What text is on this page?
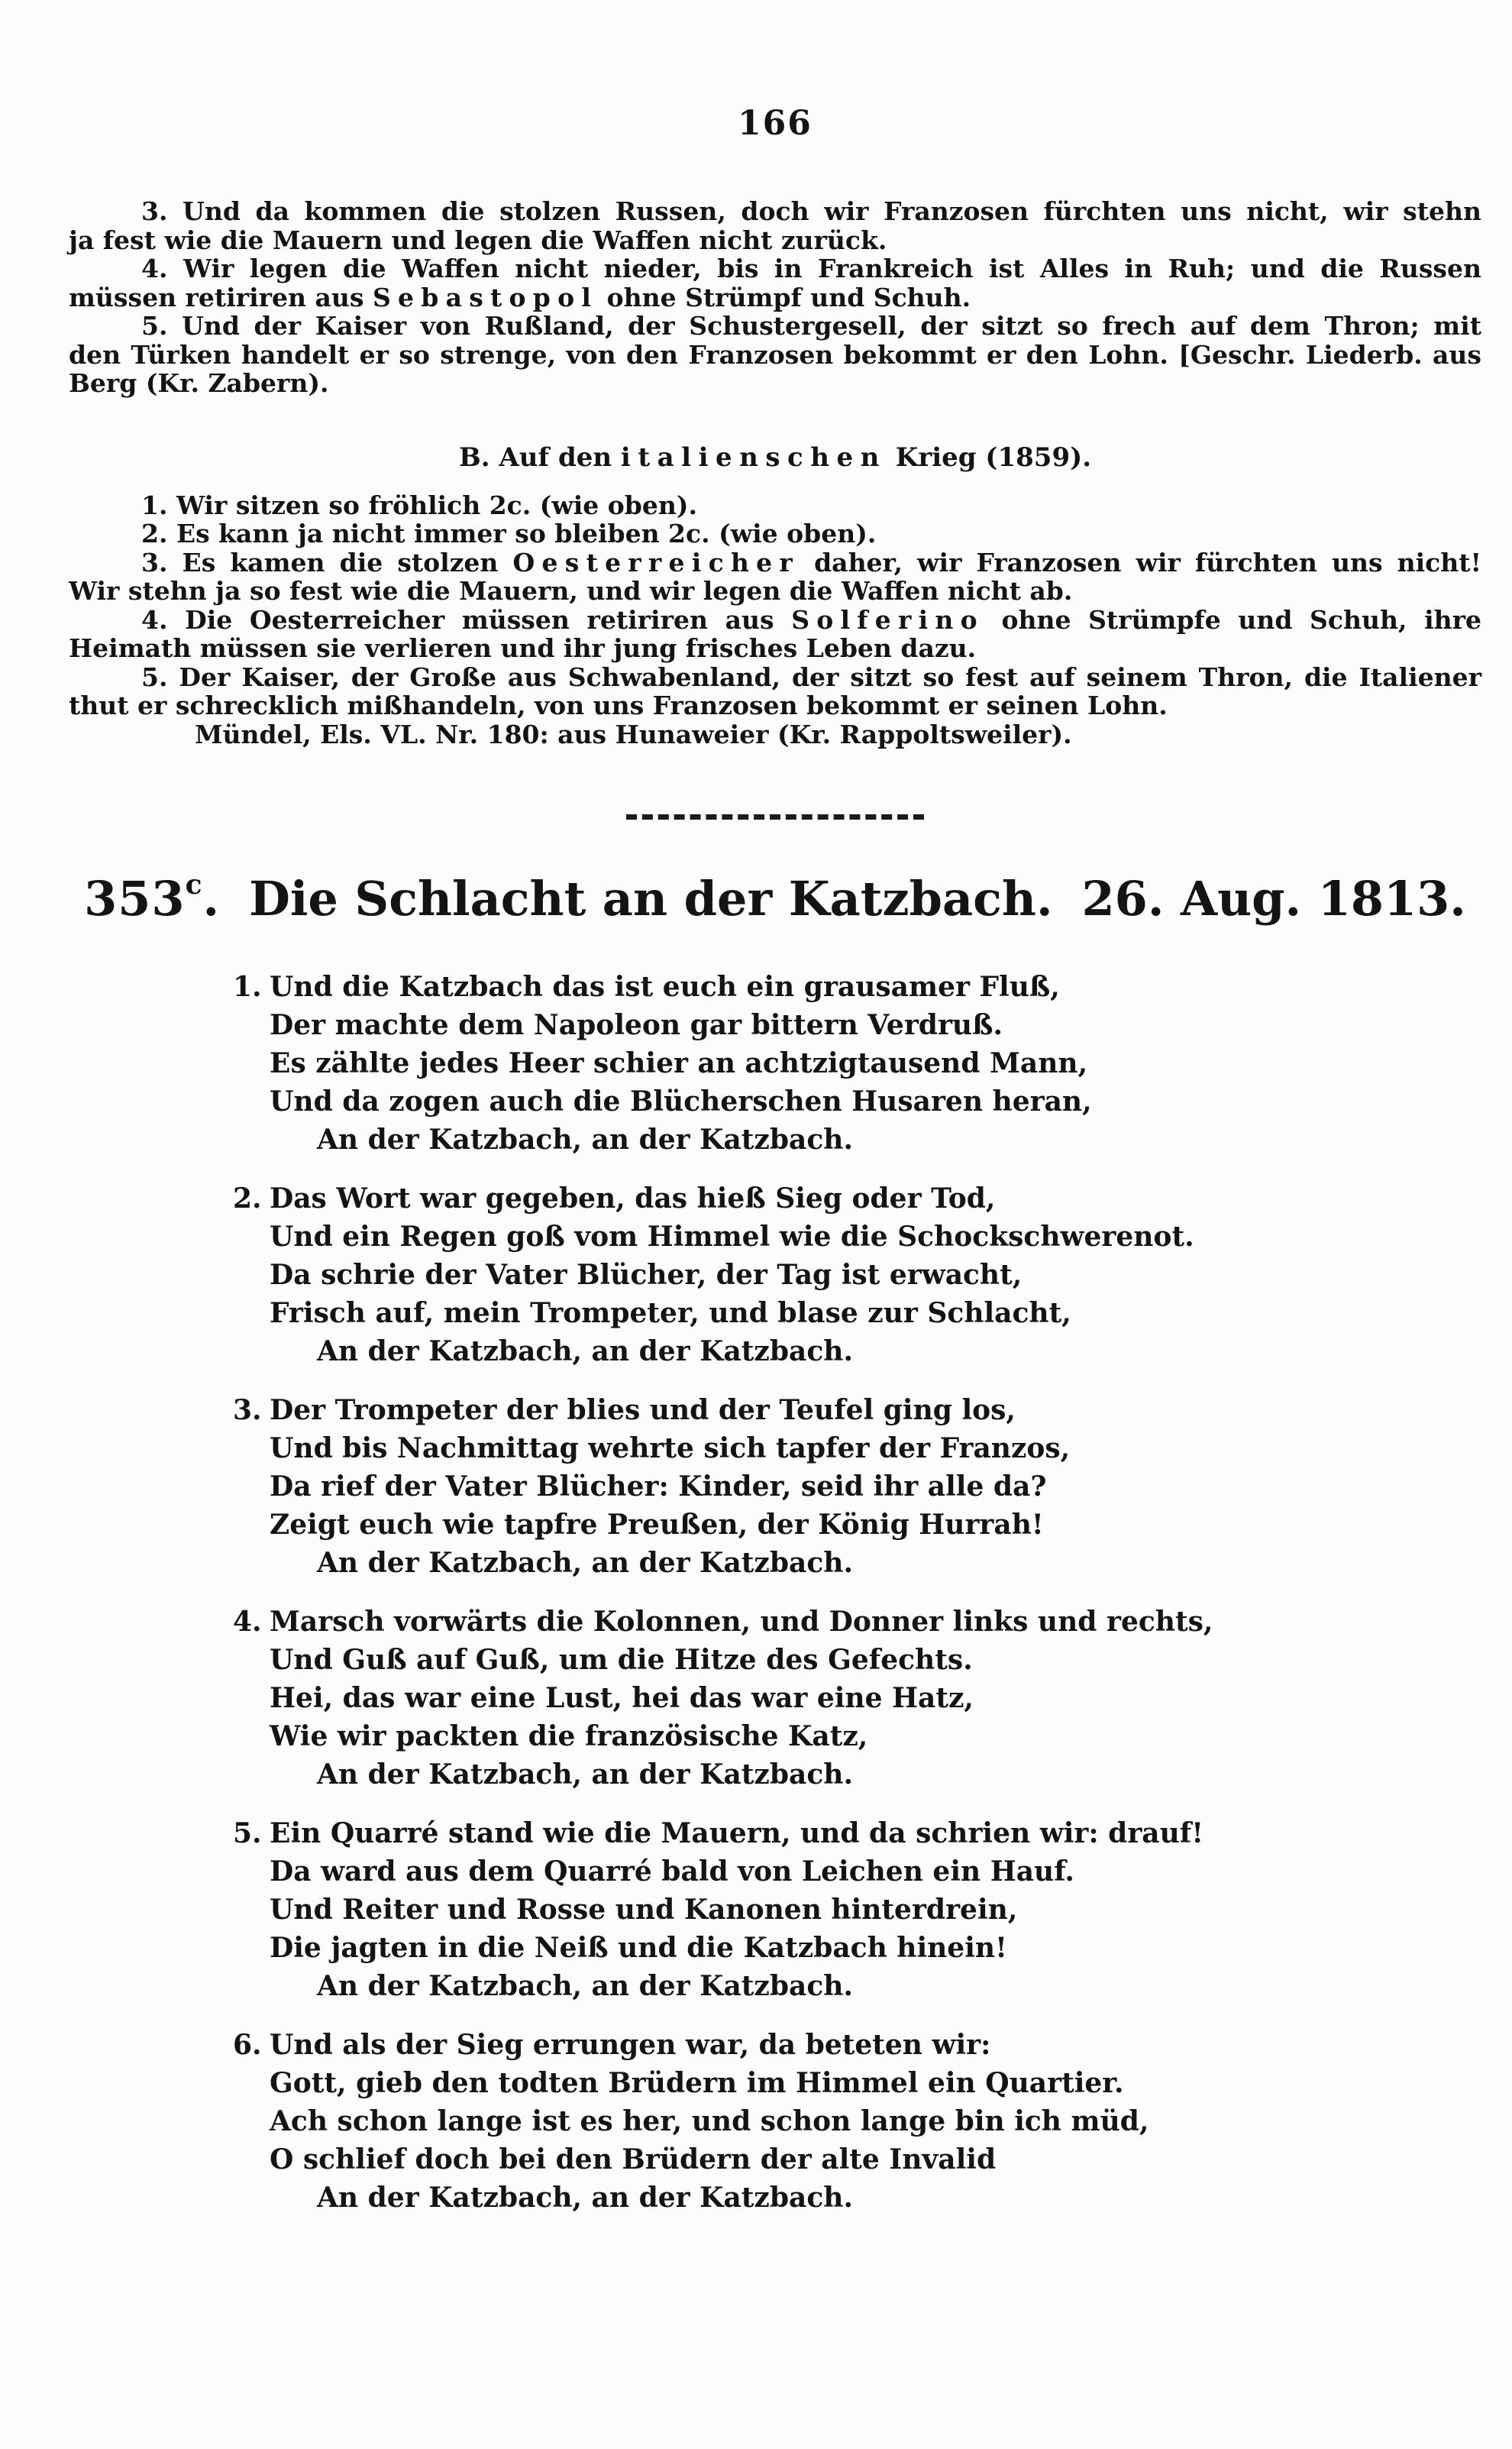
166
3. Und da kommen die stolzen Russen, doch wir Franzosen fürchten uns nicht, wir stehn
ja fest wie die Mauern und legen die Waffen nicht zurück.
4. Wir legen die Waffen nicht nieder, bis in Frankreich ist Alles in Ruh; und die Russen
müssen retiriren aus Sebastopol ohne Strümpf und Schuh.
5. Und der Kaiser von Rußland, der Schustergesell, der sitzt so frech auf dem Thron; mit
den Türken handelt er so strenge, von den Franzosen bekommt er den Lohn. [Geschr. Liederb. aus
Berg (Kr. Zabern).
B. Auf den italienschen Krieg (1859).
1. Wir sitzen so fröhlich 2c. (wie oben).
2. Es kann ja nicht immer so bleiben 2c. (wie oben).
3. Es kamen die stolzen Oesterreicher daher, wir Franzosen wir fürchten uns nicht!
Wir stehn ja so fest wie die Mauern, und wir legen die Waffen nicht ab.
4. Die Oesterreicher müssen retiriren aus Solferino ohne Strümpfe und Schuh, ihre
Heimath müssen sie verlieren und ihr jung frisches Leben dazu.
5. Der Kaiser, der Große aus Schwabenland, der sitzt so fest auf seinem Thron, die Italiener
thut er schrecklich mißhandeln, von uns Franzosen bekommt er seinen Lohn.
Mündel, Els. VL. Nr. 180: aus Hunaweier (Kr. Rappoltsweiler).
353$^c$. Die Schlacht an der Katzbach. 26. Aug. 1813.
1. Und die Katzbach das ist euch ein grausamer Fluß,
Der machte dem Napoleon gar bittern Verdruß.
Es zählte jedes Heer schier an achtzigtausend Mann,
Und da zogen auch die Blücherschen Husaren heran,
An der Katzbach, an der Katzbach.
2. Das Wort war gegeben, das hieß Sieg oder Tod,
Und ein Regen goß vom Himmel wie die Schockschwerenot.
Da schrie der Vater Blücher, der Tag ist erwacht,
Frisch auf, mein Trompeter, und blase zur Schlacht,
An der Katzbach, an der Katzbach.
3. Der Trompeter der blies und der Teufel ging los,
Und bis Nachmittag wehrte sich tapfer der Franzos,
Da rief der Vater Blücher: Kinder, seid ihr alle da?
Zeigt euch wie tapfre Preußen, der König Hurrah!
An der Katzbach, an der Katzbach.
4. Marsch vorwärts die Kolonnen, und Donner links und rechts,
Und Guß auf Guß, um die Hitze des Gefechts.
Hei, das war eine Lust, hei das war eine Hatz,
Wie wir packten die französische Katz,
An der Katzbach, an der Katzbach.
5. Ein Quarré stand wie die Mauern, und da schrien wir: drauf!
Da ward aus dem Quarré bald von Leichen ein Hauf.
Und Reiter und Rosse und Kanonen hinterdrein,
Die jagten in die Neiß und die Katzbach hinein!
An der Katzbach, an der Katzbach.
6. Und als der Sieg errungen war, da beteten wir:
Gott, gieb den todten Brüdern im Himmel ein Quartier.
Ach schon lange ist es her, und schon lange bin ich müd,
O schlief doch bei den Brüdern der alte Invalid
An der Katzbach, an der Katzbach.
